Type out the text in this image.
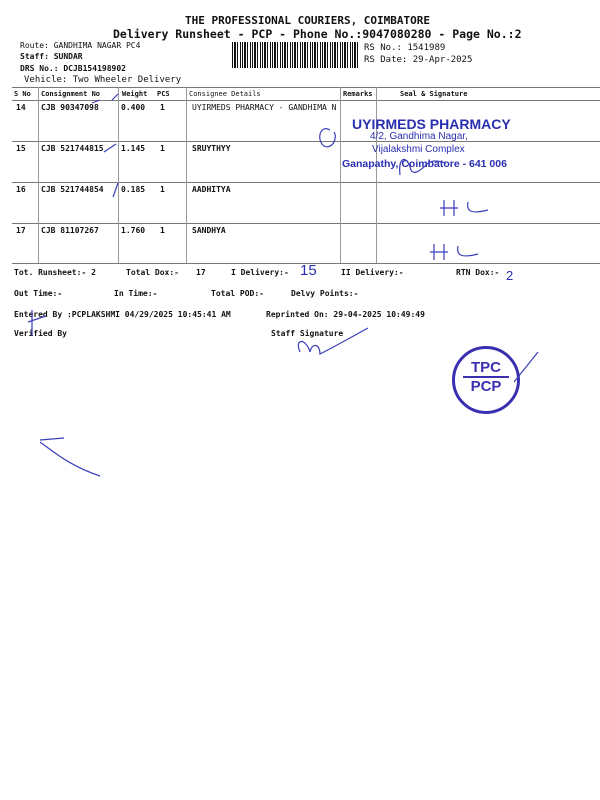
THE PROFESSIONAL COURIERS, COIMBATORE
Delivery Runsheet - PCP - Phone No.:9047080280 - Page No.:2
Route: GANDHIMA NAGAR PC4
Staff: SUNDAR
DRS No.: DCJB154198902
Vehicle: Two Wheeler Delivery
RS No.: 1541989
RS Date: 29-Apr-2025
S No Consignment No	Weight PCS	Consignee Details	Remarks	Seal & Signature
14 CJB 90347098	0.400 1	UYIRMEDS PHARMACY - GANDHIMA N
15 CJB 521744815 1.145 1	SRUYTHYY
16 CJB 521744854 0.185 1	AADHITYA
17 CJB 81107267	1.760 1	SANDHYA
UYIRMEDS PHARMACY
4/2, Gandhima Nagar,
Vijalakshmi Complex
Ganapathy, Coimbatore - 641 006
Tot. Runsheet:- 2	Total Dox:- 17	I Delivery:- 15	II Delivery:-	RTN Dox:- 2
Out Time:-	In Time:-	Total POD:-	Delvy Points:-
Entered By :PCPLAKSHMI 04/29/2025 10:45:41 AM	Reprinted On: 29-04-2025 10:49:49
Verified By	Staff Signature
TPC
PCP
